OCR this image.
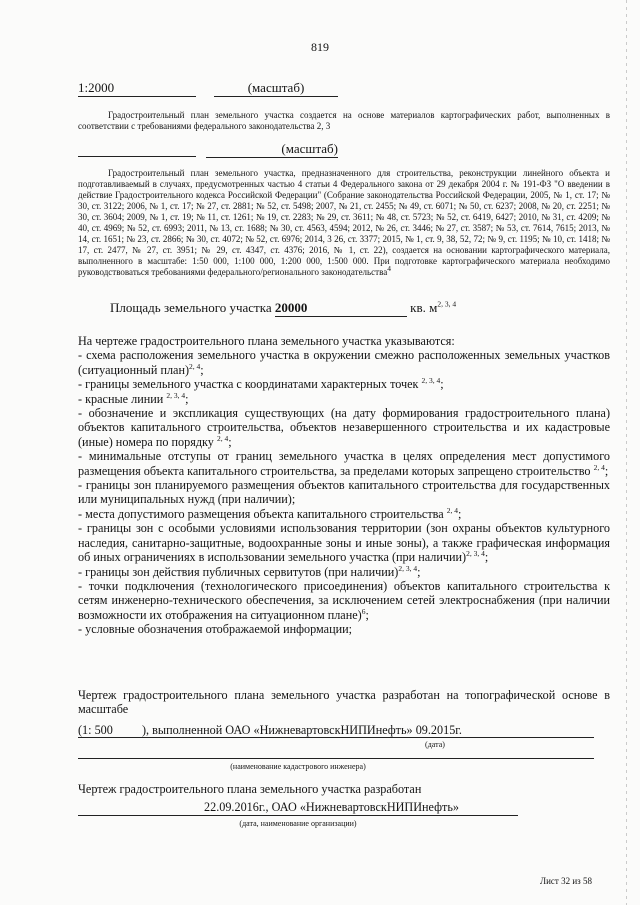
819
1:2000	(масштаб)
Градостроительный план земельного участка создается на основе материалов картографических работ, выполненных в соответствии с требованиями федерального законодательства 2, 3
(масштаб)
Градостроительный план земельного участка, предназначенного для строительства, реконструкции линейного объекта и подготавливаемый в случаях, предусмотренных частью 4 статьи 4 Федерального закона от 29 декабря 2004 г. № 191-ФЗ "О введении в действие Градостроительного кодекса Российской Федерации" (Собрание законодательства Российской Федерации, 2005, № 1, ст. 17; № 30, ст. 3122; 2006, № 1, ст. 17; № 27, ст. 2881; № 52, ст. 5498; 2007, № 21, ст. 2455; № 49, ст. 6071; № 50, ст. 6237; 2008, № 20, ст. 2251; № 30, ст. 3604; 2009, № 1, ст. 19; № 11, ст. 1261; № 19, ст. 2283; № 29, ст. 3611; № 48, ст. 5723; № 52, ст. 6419, 6427; 2010, № 31, ст. 4209; № 40, ст. 4969; № 52, ст. 6993; 2011, № 13, ст. 1688; № 30, ст. 4563, 4594; 2012, № 26, ст. 3446; № 27, ст. 3587; № 53, ст. 7614, 7615; 2013, № 14, ст. 1651; № 23, ст. 2866; № 30, ст. 4072; № 52, ст. 6976; 2014, 3 26, ст. 3377; 2015, № 1, ст. 9, 38, 52, 72; № 9, ст. 1195; № 10, ст. 1418; № 17, ст. 2477, № 27, ст. 3951; № 29, ст. 4347, ст. 4376; 2016, № 1, ст. 22), создается на основании картографического материала, выполненного в масштабе: 1:50 000, 1:100 000, 1:200 000, 1:500 000. При подготовке картографического материала необходимо руководствоваться требованиями федерального/регионального законодательства$^4$
Площадь земельного участка 20000	кв. $м^{2, 3, 4}$

На чертеже градостроительного плана земельного участка указываются:

- схема расположения земельного участка в окружении смежно расположенных земельных участков (ситуационный план)$^{2, 4}$;

- границы земельного участка с координатами характерных точек $^{2, 3, 4}$;

- красные линии $^{2, 3, 4}$;

- обозначение и экспликация существующих (на дату формирования градостроительного плана) объектов капитального строительства, объектов незавершенного строительства и их кадастровые (иные) номера по порядку $^{2, 4}$;

- минимальные отступы от границ земельного участка в целях определения мест допустимого размещения объекта капитального строительства, за пределами которых запрещено строительство $^{2, 4}$;

- границы зон планируемого размещения объектов капитального строительства для государственных или муниципальных нужд (при наличии);

- места допустимого размещения объекта капитального строительства $^{2, 4}$;

- границы зон с особыми условиями использования территории (зон охраны объектов культурного наследия, санитарно-защитные, водоохранные зоны и иные зоны), а также графическая информация об иных ограничениях в использовании земельного участка (при наличии)$^{2, 3, 4}$;

- границы зон действия публичных сервитутов (при наличии)$^{2, 3, 4}$;

- точки подключения (технологического присоединения) объектов капитального строительства к сетям инженерно-технического обеспечения, за исключением сетей электроснабжения (при наличии возможности их отображения на ситуационном плане)$^6$;

- условные обозначения отображаемой информации;

Чертеж градостроительного плана земельного участка разработан на топографической основе в масштабе

(1: 500 ), выполненной ОАО «НижневартовскНИПИнефть» 09.2015г.
(дата)
(наименование кадастрового инженера)

Чертеж градостроительного плана земельного участка разработан

22.09.2016г., ОАО «НижневартовскНИПИнефть»

(дата, наименование организации)
Лист 32 из 58
